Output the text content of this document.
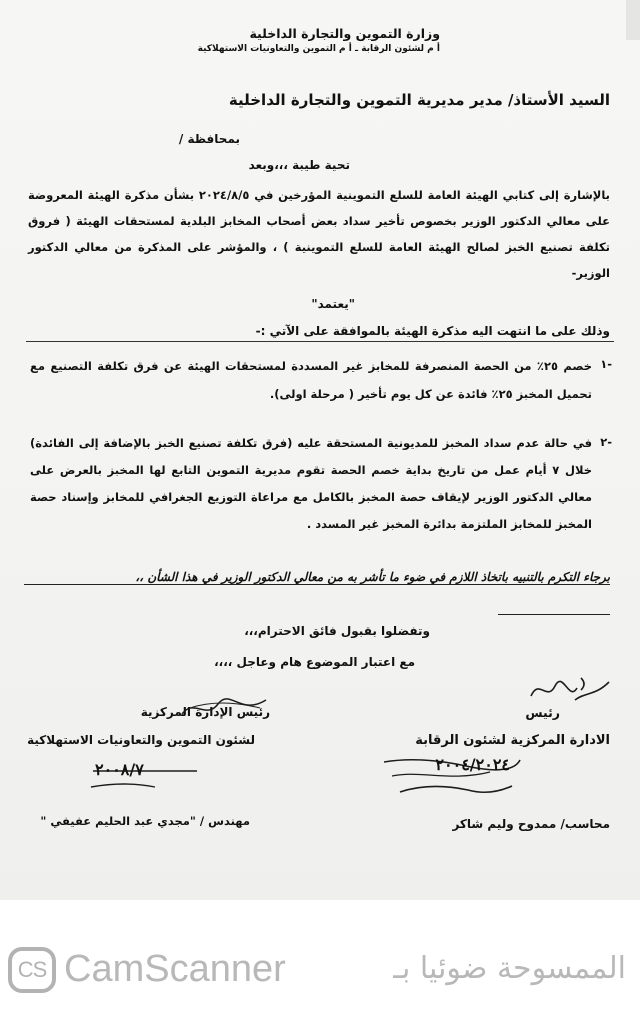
وزارة التموين والتجارة الداخلية
أ م لشئون الرقابة ـ أ م التموين والتعاونيات الاستهلاكية
السيد الأستاذ/ مدير مديرية التموين والتجارة الداخلية
بمحافظة /
تحية طيبة ،،،وبعد
بالإشارة إلى كتابي الهيئة العامة للسلع التموينية المؤرخين في ٢٠٢٤/٨/٥ بشأن مذكرة الهيئة المعروضة على معالي الدكتور الوزير بخصوص تأخير سداد بعض أصحاب المخابز البلدية لمستحقات الهيئة ( فروق تكلفة تصنيع الخبز لصالح الهيئة العامة للسلع التموينية ) ، والمؤشر على المذكرة من معالي الدكتور الوزير-
"يعتمد"
وذلك على ما انتهت اليه مذكرة الهيئة بالموافقة على الآتي :-
-١
خصم ٢٥٪ من الحصة المنصرفة للمخابز غير المسددة لمستحقات الهيئة عن فرق تكلفة التصنيع مع تحميل المخبز ٢٥٪ فائدة عن كل يوم تأخير ( مرحلة اولى).
-٢
في حالة عدم سداد المخبز للمديونية المستحقة عليه (فرق تكلفة تصنيع الخبز بالإضافة إلى الفائدة) خلال ٧ أيام عمل من تاريخ بداية خصم الحصة تقوم مديرية التموين التابع لها المخبز بالعرض على معالي الدكتور الوزير لإيقاف حصة المخبز بالكامل مع مراعاة التوزيع الجغرافي للمخابز وإسناد حصة المخبز للمخابز الملتزمة بدائرة المخبز غير المسدد .
برجاء التكرم بالتنبيه باتخاذ اللازم في ضوء ما تأشر به من معالي الدكتور الوزير في هذا الشأن ،،
وتفضلوا بقبول فائق الاحترام،،،
مع اعتبار الموضوع هام وعاجل ،،،،
رئيس
الادارة المركزية لشئون الرقابة
محاسب/ ممدوح وليم شاكر
رئيس الإدارة المركزية
لشئون التموين والتعاونيات الاستهلاكية
مهندس / "مجدي عبد الحليم عفيفي "
٢٠٠٤/٢٠٢٤
٢٠٠٨/٧
CS CamScanner	الممسوحة ضوئيا بـ
